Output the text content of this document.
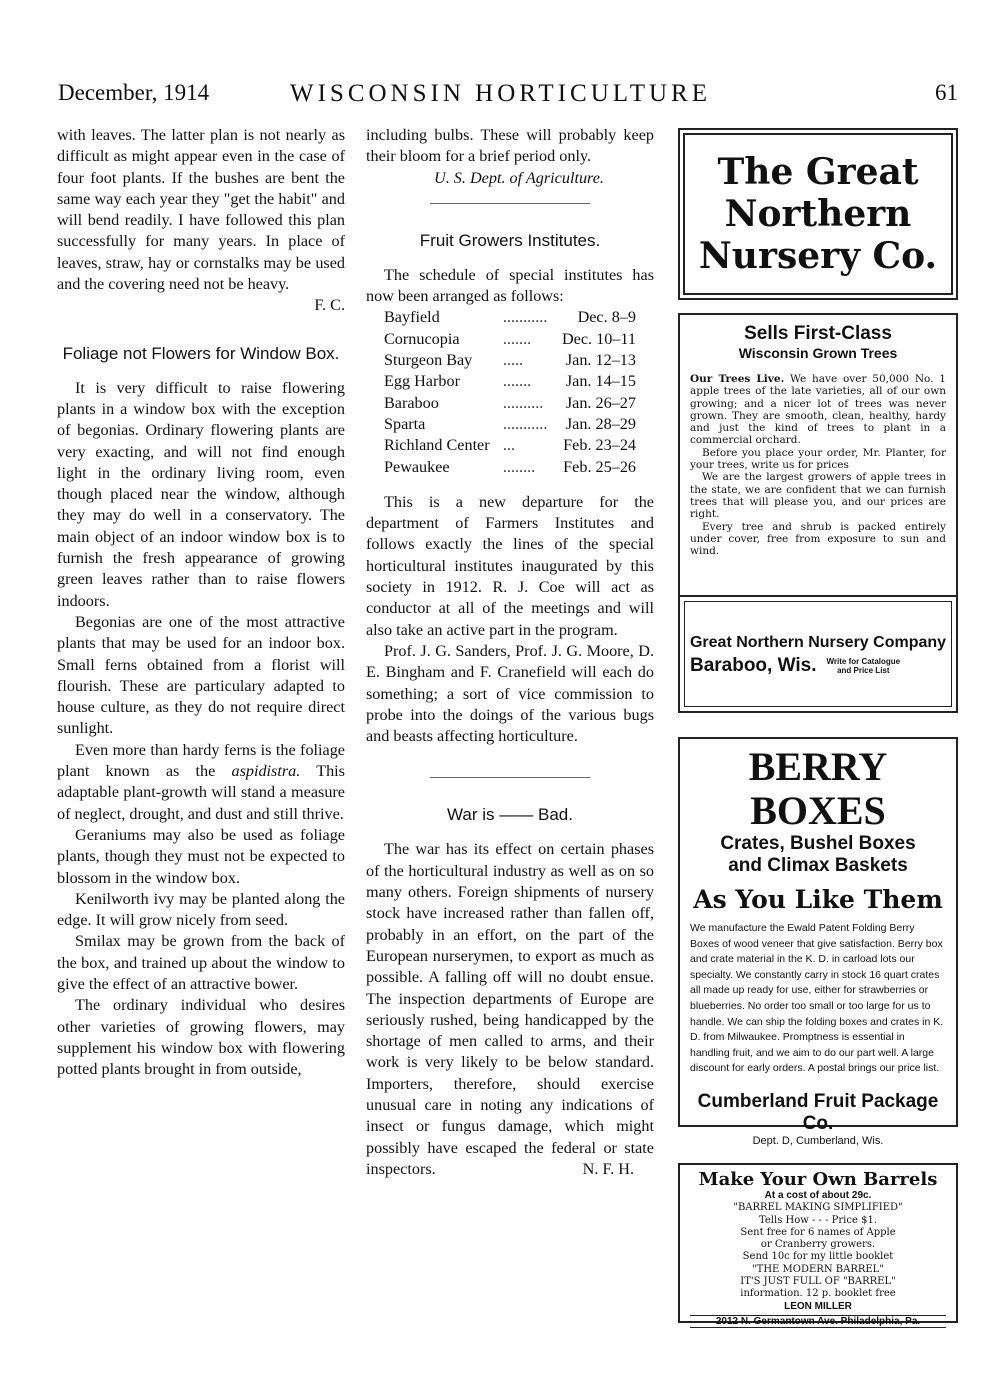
December, 1914	WISCONSIN HORTICULTURE	61

with leaves. The latter plan is not nearly as difficult as might appear even in the case of four foot plants. If the bushes are bent the same way each year they "get the habit" and will bend readily. I have followed this plan successfully for many years. In place of leaves, straw, hay or cornstalks may be used and the covering need not be heavy.

F. C.

Foliage not Flowers for Window Box.

It is very difficult to raise flowering plants in a window box with the exception of begonias. Ordinary flowering plants are very exacting, and will not find enough light in the ordinary living room, even though placed near the window, although they may do well in a conservatory. The main object of an indoor window box is to furnish the fresh appearance of growing green leaves rather than to raise flowers indoors.

Begonias are one of the most attractive plants that may be used for an indoor box. Small ferns obtained from a florist will flourish. These are particulary adapted to house culture, as they do not require direct sunlight.

Even more than hardy ferns is the foliage plant known as the aspidistra. This adaptable plant-growth will stand a measure of neglect, drought, and dust and still thrive.

Geraniums may also be used as foliage plants, though they must not be expected to blossom in the window box.

Kenilworth ivy may be planted along the edge. It will grow nicely from seed.

Smilax may be grown from the back of the box, and trained up about the window to give the effect of an attractive bower.

The ordinary individual who desires other varieties of growing flowers, may supplement his window box with flowering potted plants brought in from outside,

including bulbs. These will probably keep their bloom for a brief period only.

U. S. Dept. of Agriculture.

Fruit Growers Institutes.

The schedule of special institutes has now been arranged as follows:

Bayfield	...........	Dec. 8–9
Cornucopia	.......	Dec. 10–11
Sturgeon Bay	.....	Jan. 12–13
Egg Harbor	.......	Jan. 14–15
Baraboo	..........	Jan. 26–27
Sparta	...........	Jan. 28–29
Richland Center	...	Feb. 23–24
Pewaukee	........	Feb. 25–26

This is a new departure for the department of Farmers Institutes and follows exactly the lines of the special horticultural institutes inaugurated by this society in 1912. R. J. Coe will act as conductor at all of the meetings and will also take an active part in the program.

Prof. J. G. Sanders, Prof. J. G. Moore, D. E. Bingham and F. Cranefield will each do something; a sort of vice commission to probe into the doings of the various bugs and beasts affecting horticulture.

War is —— Bad.

The war has its effect on certain phases of the horticultural industry as well as on so many others. Foreign shipments of nursery stock have increased rather than fallen off, probably in an effort, on the part of the European nurserymen, to export as much as possible. A falling off will no doubt ensue. The inspection departments of Europe are seriously rushed, being handicapped by the shortage of men called to arms, and their work is very likely to be below standard. Importers, therefore, should exercise unusual care in noting any indications of insect or fungus damage, which might possibly have escaped the federal or state inspectors.	N. F. H.

The Great
Northern
Nursery Co.
Sells First-Class
Wisconsin Grown Trees

Our Trees Live. We have over 50,000 No. 1 apple trees of the late varieties, all of our own growing; and a nicer lot of trees was never grown. They are smooth, clean, healthy, hardy and just the kind of trees to plant in a commercial orchard.

Before you place your order, Mr. Planter, for your trees, write us for prices

We are the largest growers of apple trees in the state, we are confident that we can furnish trees that will please you, and our prices are right.

Every tree and shrub is packed entirely under cover, free from exposure to sun and wind.

Great Northern Nursery Company
Baraboo, Wis. Write for Catalogue
and Price List
BERRY BOXES
Crates, Bushel Boxes
and Climax Baskets
As You Like Them

We manufacture the Ewald Patent Folding Berry Boxes of wood veneer that give satisfaction. Berry box and crate material in the K. D. in carload lots our specialty. We constantly carry in stock 16 quart crates all made up ready for use, either for strawberries or blueberries. No order too small or too large for us to handle. We can ship the folding boxes and crates in K. D. from Milwaukee. Promptness is essential in handling fruit, and we aim to do our part well. A large discount for early orders. A postal brings our price list.

Cumberland Fruit Package Co.
Dept. D, Cumberland, Wis.
Make Your Own Barrels
At a cost of about 29c.
"BARREL MAKING SIMPLIFIED"
Tells How - - - Price $1.
Sent free for 6 names of Apple
or Cranberry growers.
Send 10c for my little booklet
"THE MODERN BARREL"
IT'S JUST FULL OF "BARREL"
information. 12 p. booklet free
LEON MILLER
2012 N. Germantown Ave. Philadelphia, Pa.
